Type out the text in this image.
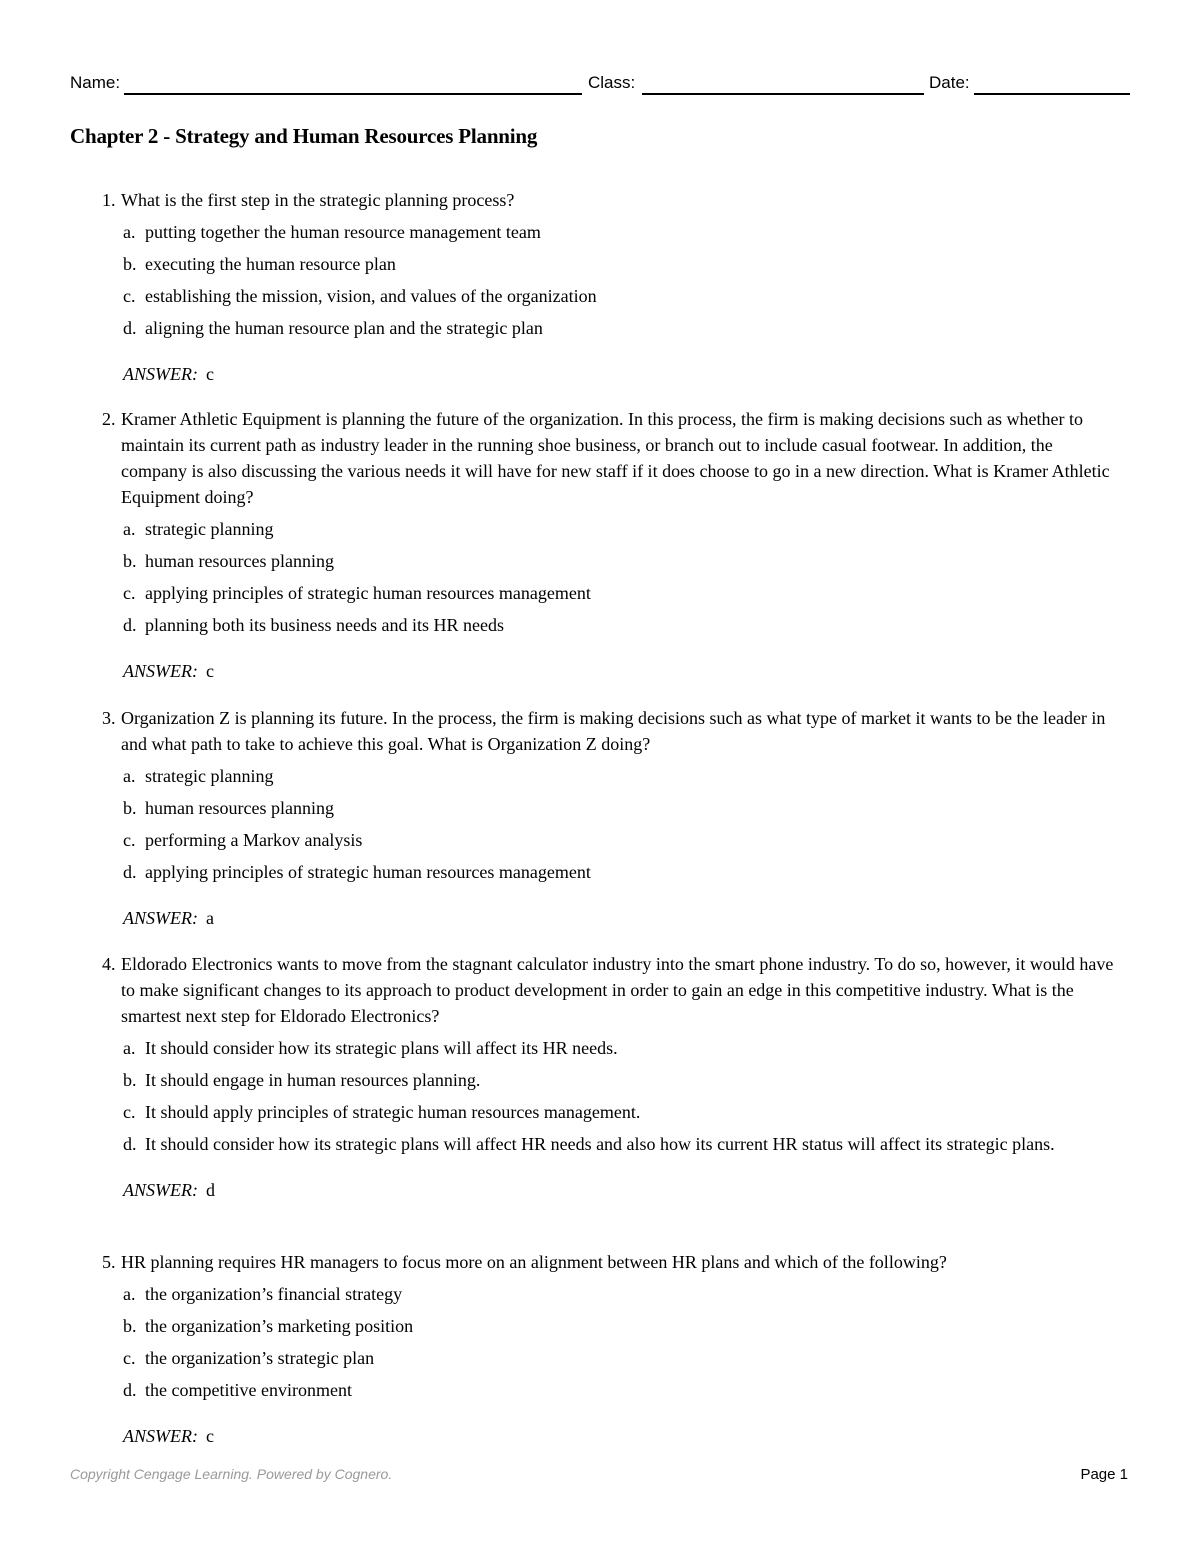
Name:	Class:	Date:
Chapter 2 - Strategy and Human Resources Planning
1. What is the first step in the strategic planning process?
a. putting together the human resource management team
b. executing the human resource plan
c. establishing the mission, vision, and values of the organization
d. aligning the human resource plan and the strategic plan
ANSWER: c
2. Kramer Athletic Equipment is planning the future of the organization. In this process, the firm is making decisions such as whether to maintain its current path as industry leader in the running shoe business, or branch out to include casual footwear. In addition, the company is also discussing the various needs it will have for new staff if it does choose to go in a new direction. What is Kramer Athletic Equipment doing?
a. strategic planning
b. human resources planning
c. applying principles of strategic human resources management
d. planning both its business needs and its HR needs
ANSWER: c
3. Organization Z is planning its future. In the process, the firm is making decisions such as what type of market it wants to be the leader in and what path to take to achieve this goal. What is Organization Z doing?
a. strategic planning
b. human resources planning
c. performing a Markov analysis
d. applying principles of strategic human resources management
ANSWER: a
4. Eldorado Electronics wants to move from the stagnant calculator industry into the smart phone industry. To do so, however, it would have to make significant changes to its approach to product development in order to gain an edge in this competitive industry. What is the smartest next step for Eldorado Electronics?
a. It should consider how its strategic plans will affect its HR needs.
b. It should engage in human resources planning.
c. It should apply principles of strategic human resources management.
d. It should consider how its strategic plans will affect HR needs and also how its current HR status will affect its strategic plans.
ANSWER: d
5. HR planning requires HR managers to focus more on an alignment between HR plans and which of the following?
a. the organization’s financial strategy
b. the organization’s marketing position
c. the organization’s strategic plan
d. the competitive environment
ANSWER: c
Copyright Cengage Learning. Powered by Cognero.	Page 1
